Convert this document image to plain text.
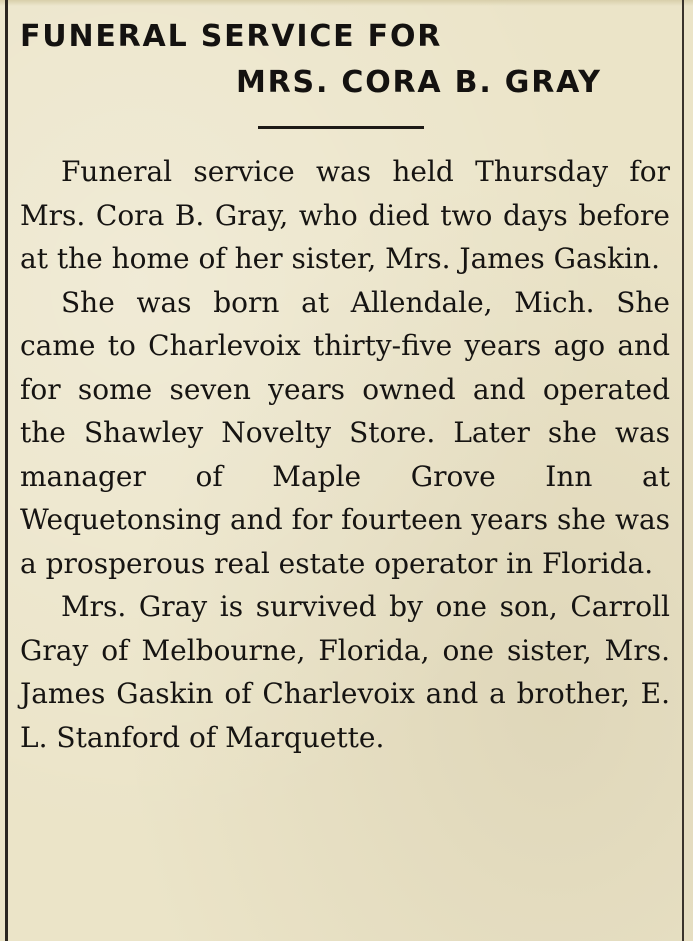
FUNERAL SERVICE FOR
MRS. CORA B. GRAY

Funeral service was held Thursday for Mrs. Cora B. Gray, who died two days before at the home of her sister, Mrs. James Gaskin.

She was born at Allendale, Mich. She came to Charlevoix thirty-five years ago and for some seven years owned and operated the Shawley Novelty Store. Later she was manager of Maple Grove Inn at Wequetonsing and for fourteen years she was a prosperous real estate operator in Florida.

Mrs. Gray is survived by one son, Carroll Gray of Melbourne, Florida, one sister, Mrs. James Gaskin of Charlevoix and a brother, E. L. Stanford of Marquette.
